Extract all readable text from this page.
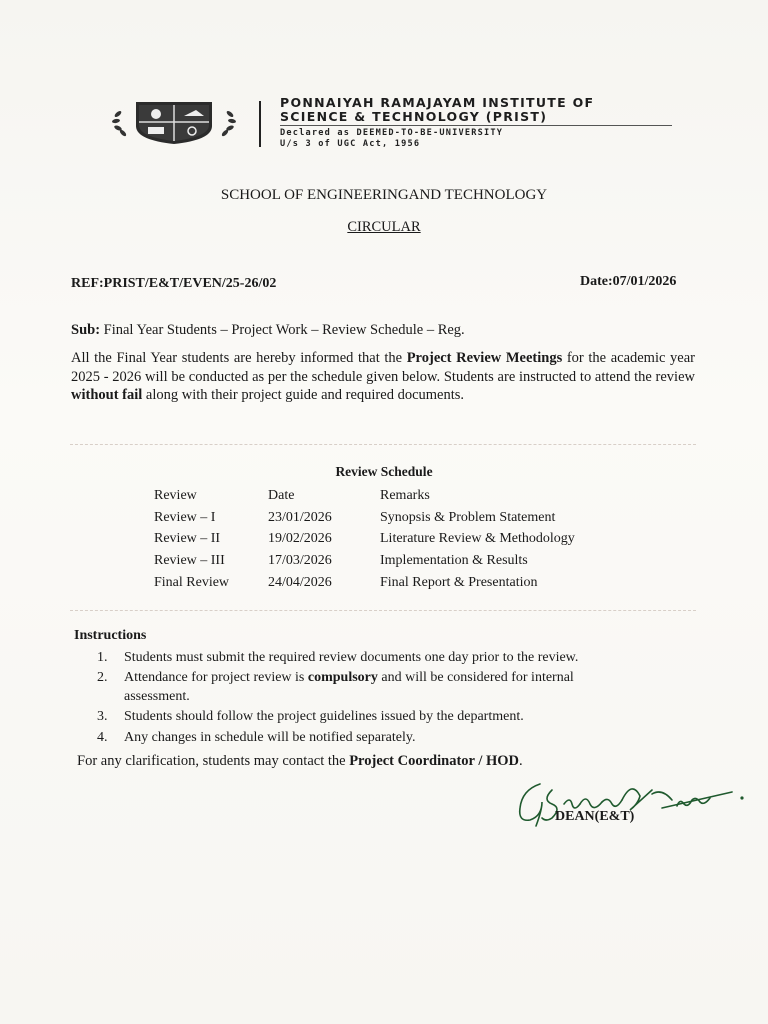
PONNAIYAH RAMAJAYAM INSTITUTE OF
SCIENCE & TECHNOLOGY (PRIST)
Declared as DEEMED-TO-BE-UNIVERSITY
U/s 3 of UGC Act, 1956
SCHOOL OF ENGINEERINGAND TECHNOLOGY
CIRCULAR
REF:PRIST/E&T/EVEN/25-26/02	Date:07/01/2026
Sub: Final Year Students – Project Work – Review Schedule – Reg.
All the Final Year students are hereby informed that the Project Review Meetings for the academic year 2025 - 2026 will be conducted as per the schedule given below. Students are instructed to attend the review without fail along with their project guide and required documents.
Review Schedule
Review	Date	Remarks
Review – I	23/01/2026	Synopsis & Problem Statement
Review – II	19/02/2026	Literature Review & Methodology
Review – III	17/03/2026	Implementation & Results
Final Review	24/04/2026	Final Report & Presentation
Instructions
1. Students must submit the required review documents one day prior to the review.
2. Attendance for project review is compulsory and will be considered for internal
assessment.
3. Students should follow the project guidelines issued by the department.
4. Any changes in schedule will be notified separately.
For any clarification, students may contact the Project Coordinator / HOD.
DEAN(E&T)
